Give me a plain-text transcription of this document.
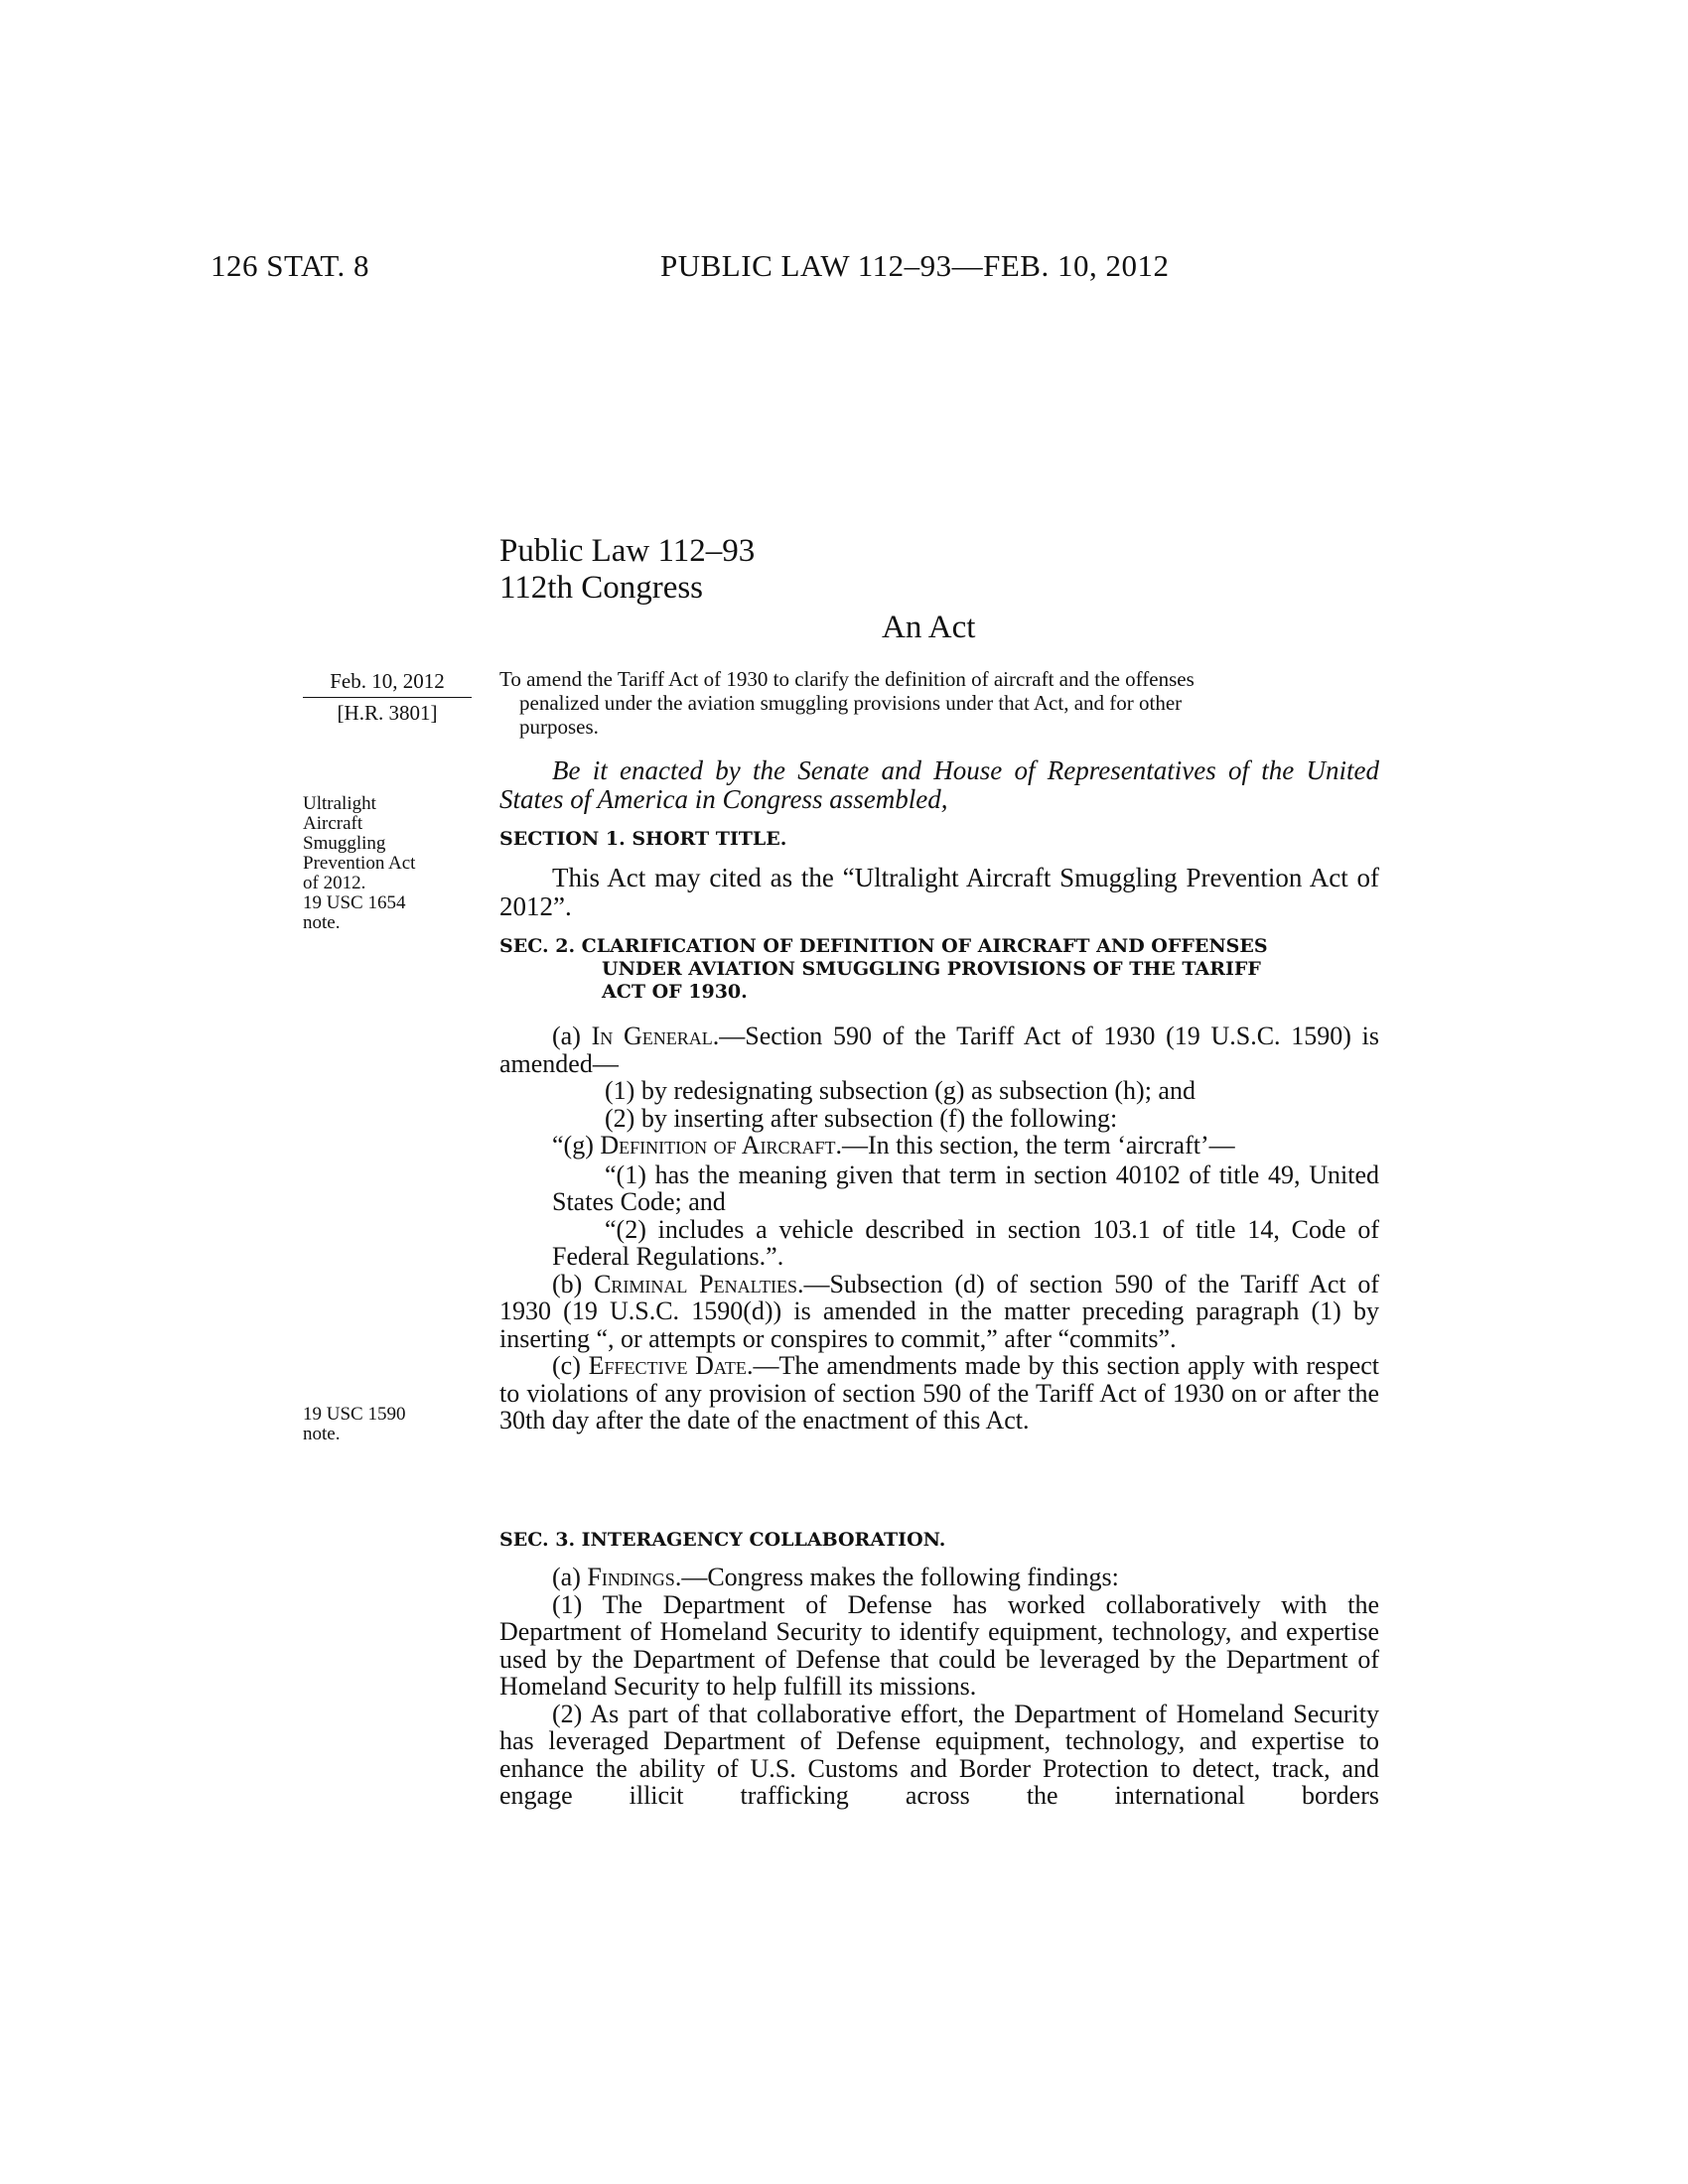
126 STAT. 8	PUBLIC LAW 112–93—FEB. 10, 2012
Public Law 112–93
112th Congress
An Act
Feb. 10, 2012
[H.R. 3801]
To amend the Tariff Act of 1930 to clarify the definition of aircraft and the offenses
penalized under the aviation smuggling provisions under that Act, and for other
purposes.

Be it enacted by the Senate and House of Representatives of the United States of America in Congress assembled,

Ultralight
Aircraft
Smuggling
Prevention Act
of 2012.
19 USC 1654
note.
SECTION 1. SHORT TITLE.

This Act may cited as the “Ultralight Aircraft Smuggling Prevention Act of 2012”.

SEC. 2. CLARIFICATION OF DEFINITION OF AIRCRAFT AND OFFENSES
UNDER AVIATION SMUGGLING PROVISIONS OF THE TARIFF
ACT OF 1930.

(a) In General.—Section 590 of the Tariff Act of 1930 (19 U.S.C. 1590) is amended—

(1) by redesignating subsection (g) as subsection (h); and

(2) by inserting after subsection (f) the following:

“(g) Definition of Aircraft.—In this section, the term ‘aircraft’—

“(1) has the meaning given that term in section 40102 of title 49, United States Code; and

“(2) includes a vehicle described in section 103.1 of title 14, Code of Federal Regulations.”.

(b) Criminal Penalties.—Subsection (d) of section 590 of the Tariff Act of 1930 (19 U.S.C. 1590(d)) is amended in the matter preceding paragraph (1) by inserting “, or attempts or conspires to commit,” after “commits”.

(c) Effective Date.—The amendments made by this section apply with respect to violations of any provision of section 590 of the Tariff Act of 1930 on or after the 30th day after the date of the enactment of this Act.

19 USC 1590
note.
SEC. 3. INTERAGENCY COLLABORATION.

(a) Findings.—Congress makes the following findings:

(1) The Department of Defense has worked collaboratively with the Department of Homeland Security to identify equipment, technology, and expertise used by the Department of Defense that could be leveraged by the Department of Homeland Security to help fulfill its missions.

(2) As part of that collaborative effort, the Department of Homeland Security has leveraged Department of Defense equipment, technology, and expertise to enhance the ability of U.S. Customs and Border Protection to detect, track, and engage illicit trafficking across the international borders
